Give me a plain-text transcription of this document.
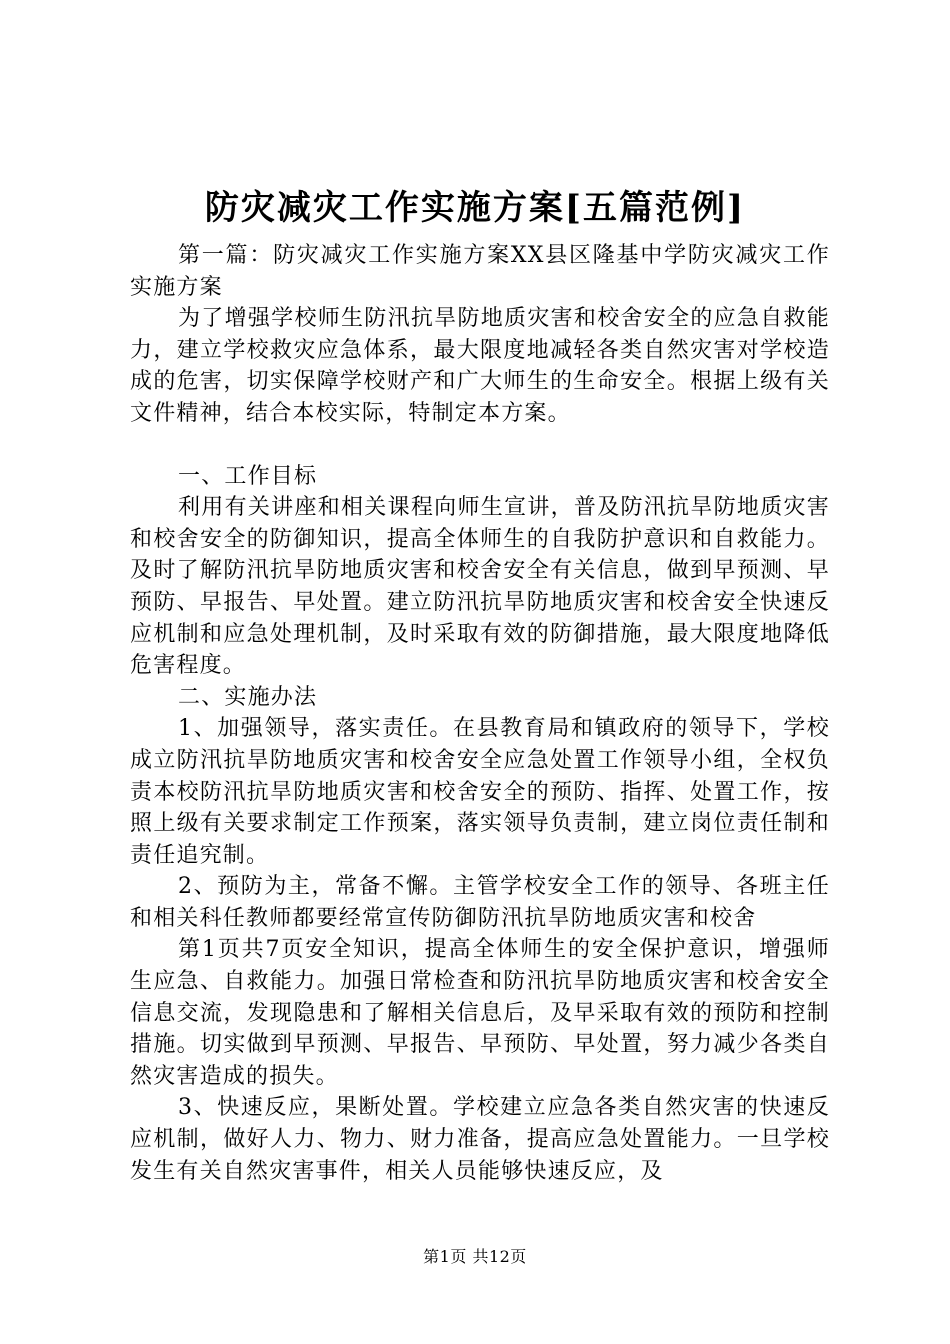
防灾减灾工作实施方案[五篇范例]

第一篇：防灾减灾工作实施方案XX县区隆基中学防灾减灾工作实施方案

为了增强学校师生防汛抗旱防地质灾害和校舍安全的应急自救能力，建立学校救灾应急体系，最大限度地减轻各类自然灾害对学校造成的危害，切实保障学校财产和广大师生的生命安全。根据上级有关文件精神，结合本校实际，特制定本方案。

一、工作目标

利用有关讲座和相关课程向师生宣讲，普及防汛抗旱防地质灾害和校舍安全的防御知识，提高全体师生的自我防护意识和自救能力。及时了解防汛抗旱防地质灾害和校舍安全有关信息，做到早预测、早预防、早报告、早处置。建立防汛抗旱防地质灾害和校舍安全快速反应机制和应急处理机制，及时采取有效的防御措施，最大限度地降低危害程度。

二、实施办法

1、加强领导，落实责任。在县教育局和镇政府的领导下，学校成立防汛抗旱防地质灾害和校舍安全应急处置工作领导小组，全权负责本校防汛抗旱防地质灾害和校舍安全的预防、指挥、处置工作，按照上级有关要求制定工作预案，落实领导负责制，建立岗位责任制和责任追究制。

2、预防为主，常备不懈。主管学校安全工作的领导、各班主任和相关科任教师都要经常宣传防御防汛抗旱防地质灾害和校舍

第1页共7页安全知识，提高全体师生的安全保护意识，增强师生应急、自救能力。加强日常检查和防汛抗旱防地质灾害和校舍安全信息交流，发现隐患和了解相关信息后，及早采取有效的预防和控制措施。切实做到早预测、早报告、早预防、早处置，努力减少各类自然灾害造成的损失。

3、快速反应，果断处置。学校建立应急各类自然灾害的快速反应机制，做好人力、物力、财力准备，提高应急处置能力。一旦学校发生有关自然灾害事件，相关人员能够快速反应，及

第1页 共12页
